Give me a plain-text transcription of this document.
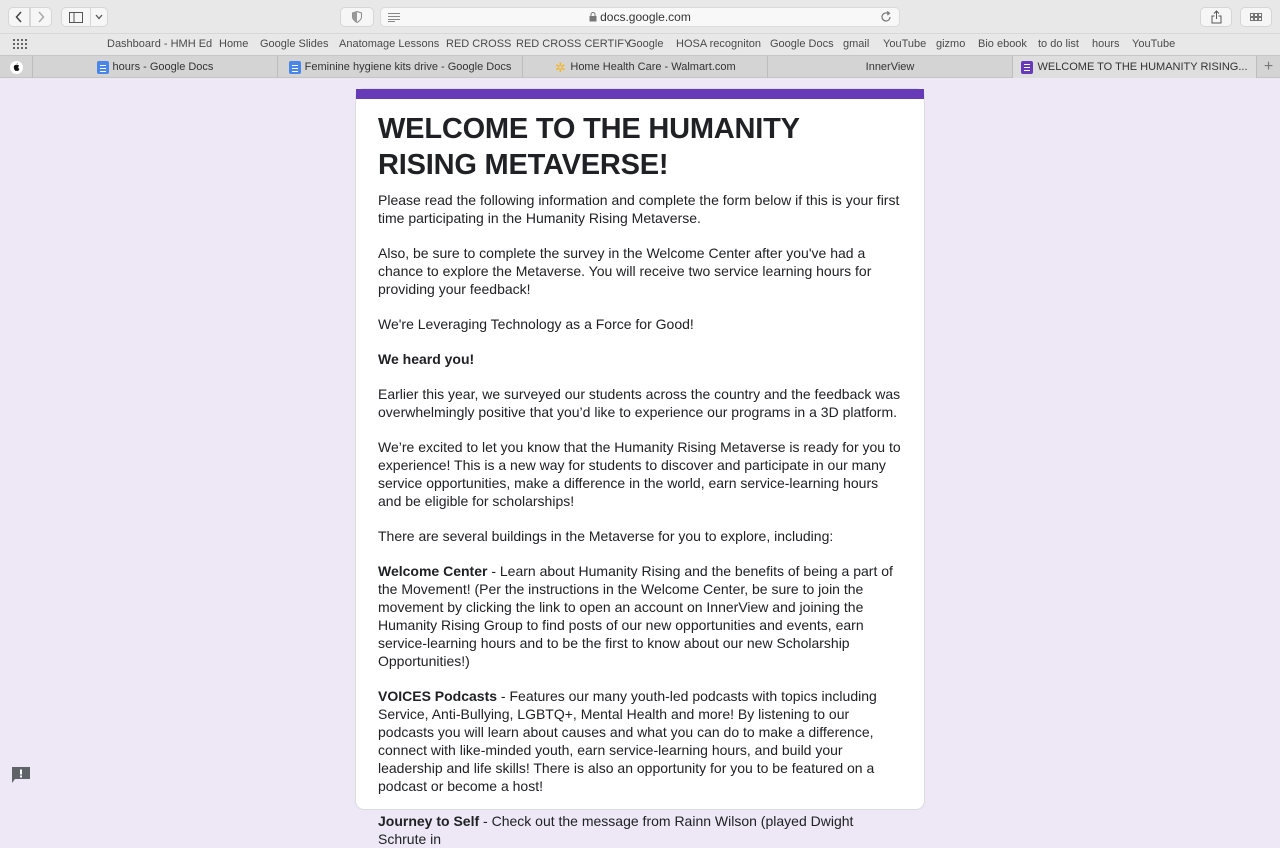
docs.google.com
Dashboard - HMH Ed Home Google Slides Anatomage Lessons RED CROSS RED CROSS CERTIFY
Google HOSA recogniton Google Docs gmail YouTube gizmo Bio ebook to do list hours YouTube
hours - Google Docs	Feminine hygiene kits drive - Google Docs	✲ Home Health Care - Walmart.com	InnerView	WELCOME TO THE HUMANITY RISING... +
WELCOME TO THE HUMANITY RISING METAVERSE!

Please read the following information and complete the form below if this is your first time participating in the Humanity Rising Metaverse.

Also, be sure to complete the survey in the Welcome Center after you've had a chance to explore the Metaverse. You will receive two service learning hours for providing your feedback!

We're Leveraging Technology as a Force for Good!

We heard you!

Earlier this year, we surveyed our students across the country and the feedback was overwhelmingly positive that you’d like to experience our programs in a 3D platform.

We’re excited to let you know that the Humanity Rising Metaverse is ready for you to experience! This is a new way for students to discover and participate in our many service opportunities, make a difference in the world, earn service-learning hours and be eligible for scholarships!

There are several buildings in the Metaverse for you to explore, including:

Welcome Center - Learn about Humanity Rising and the benefits of being a part of the Movement! (Per the instructions in the Welcome Center, be sure to join the movement by clicking the link to open an account on InnerView and joining the Humanity Rising Group to find posts of our new opportunities and events, earn service-learning hours and to be the first to know about our new Scholarship Opportunities!)

VOICES Podcasts - Features our many youth-led podcasts with topics including Service, Anti-Bullying, LGBTQ+, Mental Health and more! By listening to our podcasts you will learn about causes and what you can do to make a difference, connect with like-minded youth, earn service-learning hours, and build your leadership and life skills! There is also an opportunity for you to be featured on a podcast or become a host!

Journey to Self - Check out the message from Rainn Wilson (played Dwight Schrute in
